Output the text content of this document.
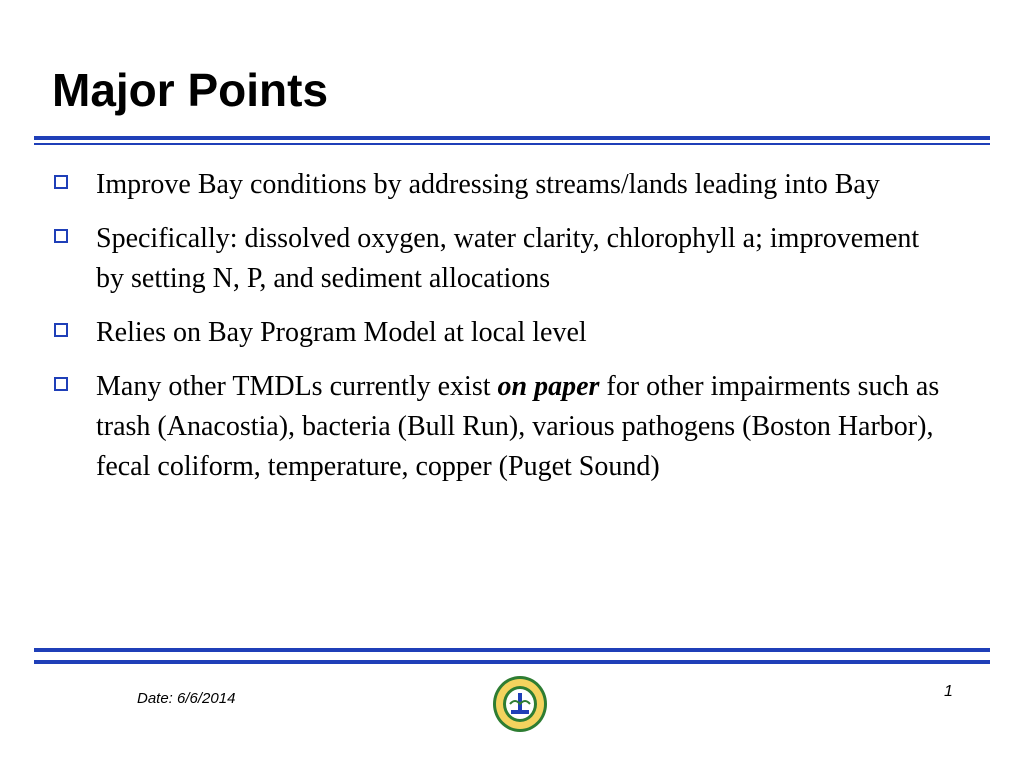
Major Points
Improve Bay conditions by addressing streams/lands leading into Bay
Specifically: dissolved oxygen, water clarity, chlorophyll a; improvement by setting N, P, and sediment allocations
Relies on Bay Program Model at local level
Many other TMDLs currently exist on paper for other impairments such as trash (Anacostia), bacteria (Bull Run), various pathogens (Boston Harbor), fecal coliform, temperature, copper (Puget Sound)
Date: 6/6/2014	1
